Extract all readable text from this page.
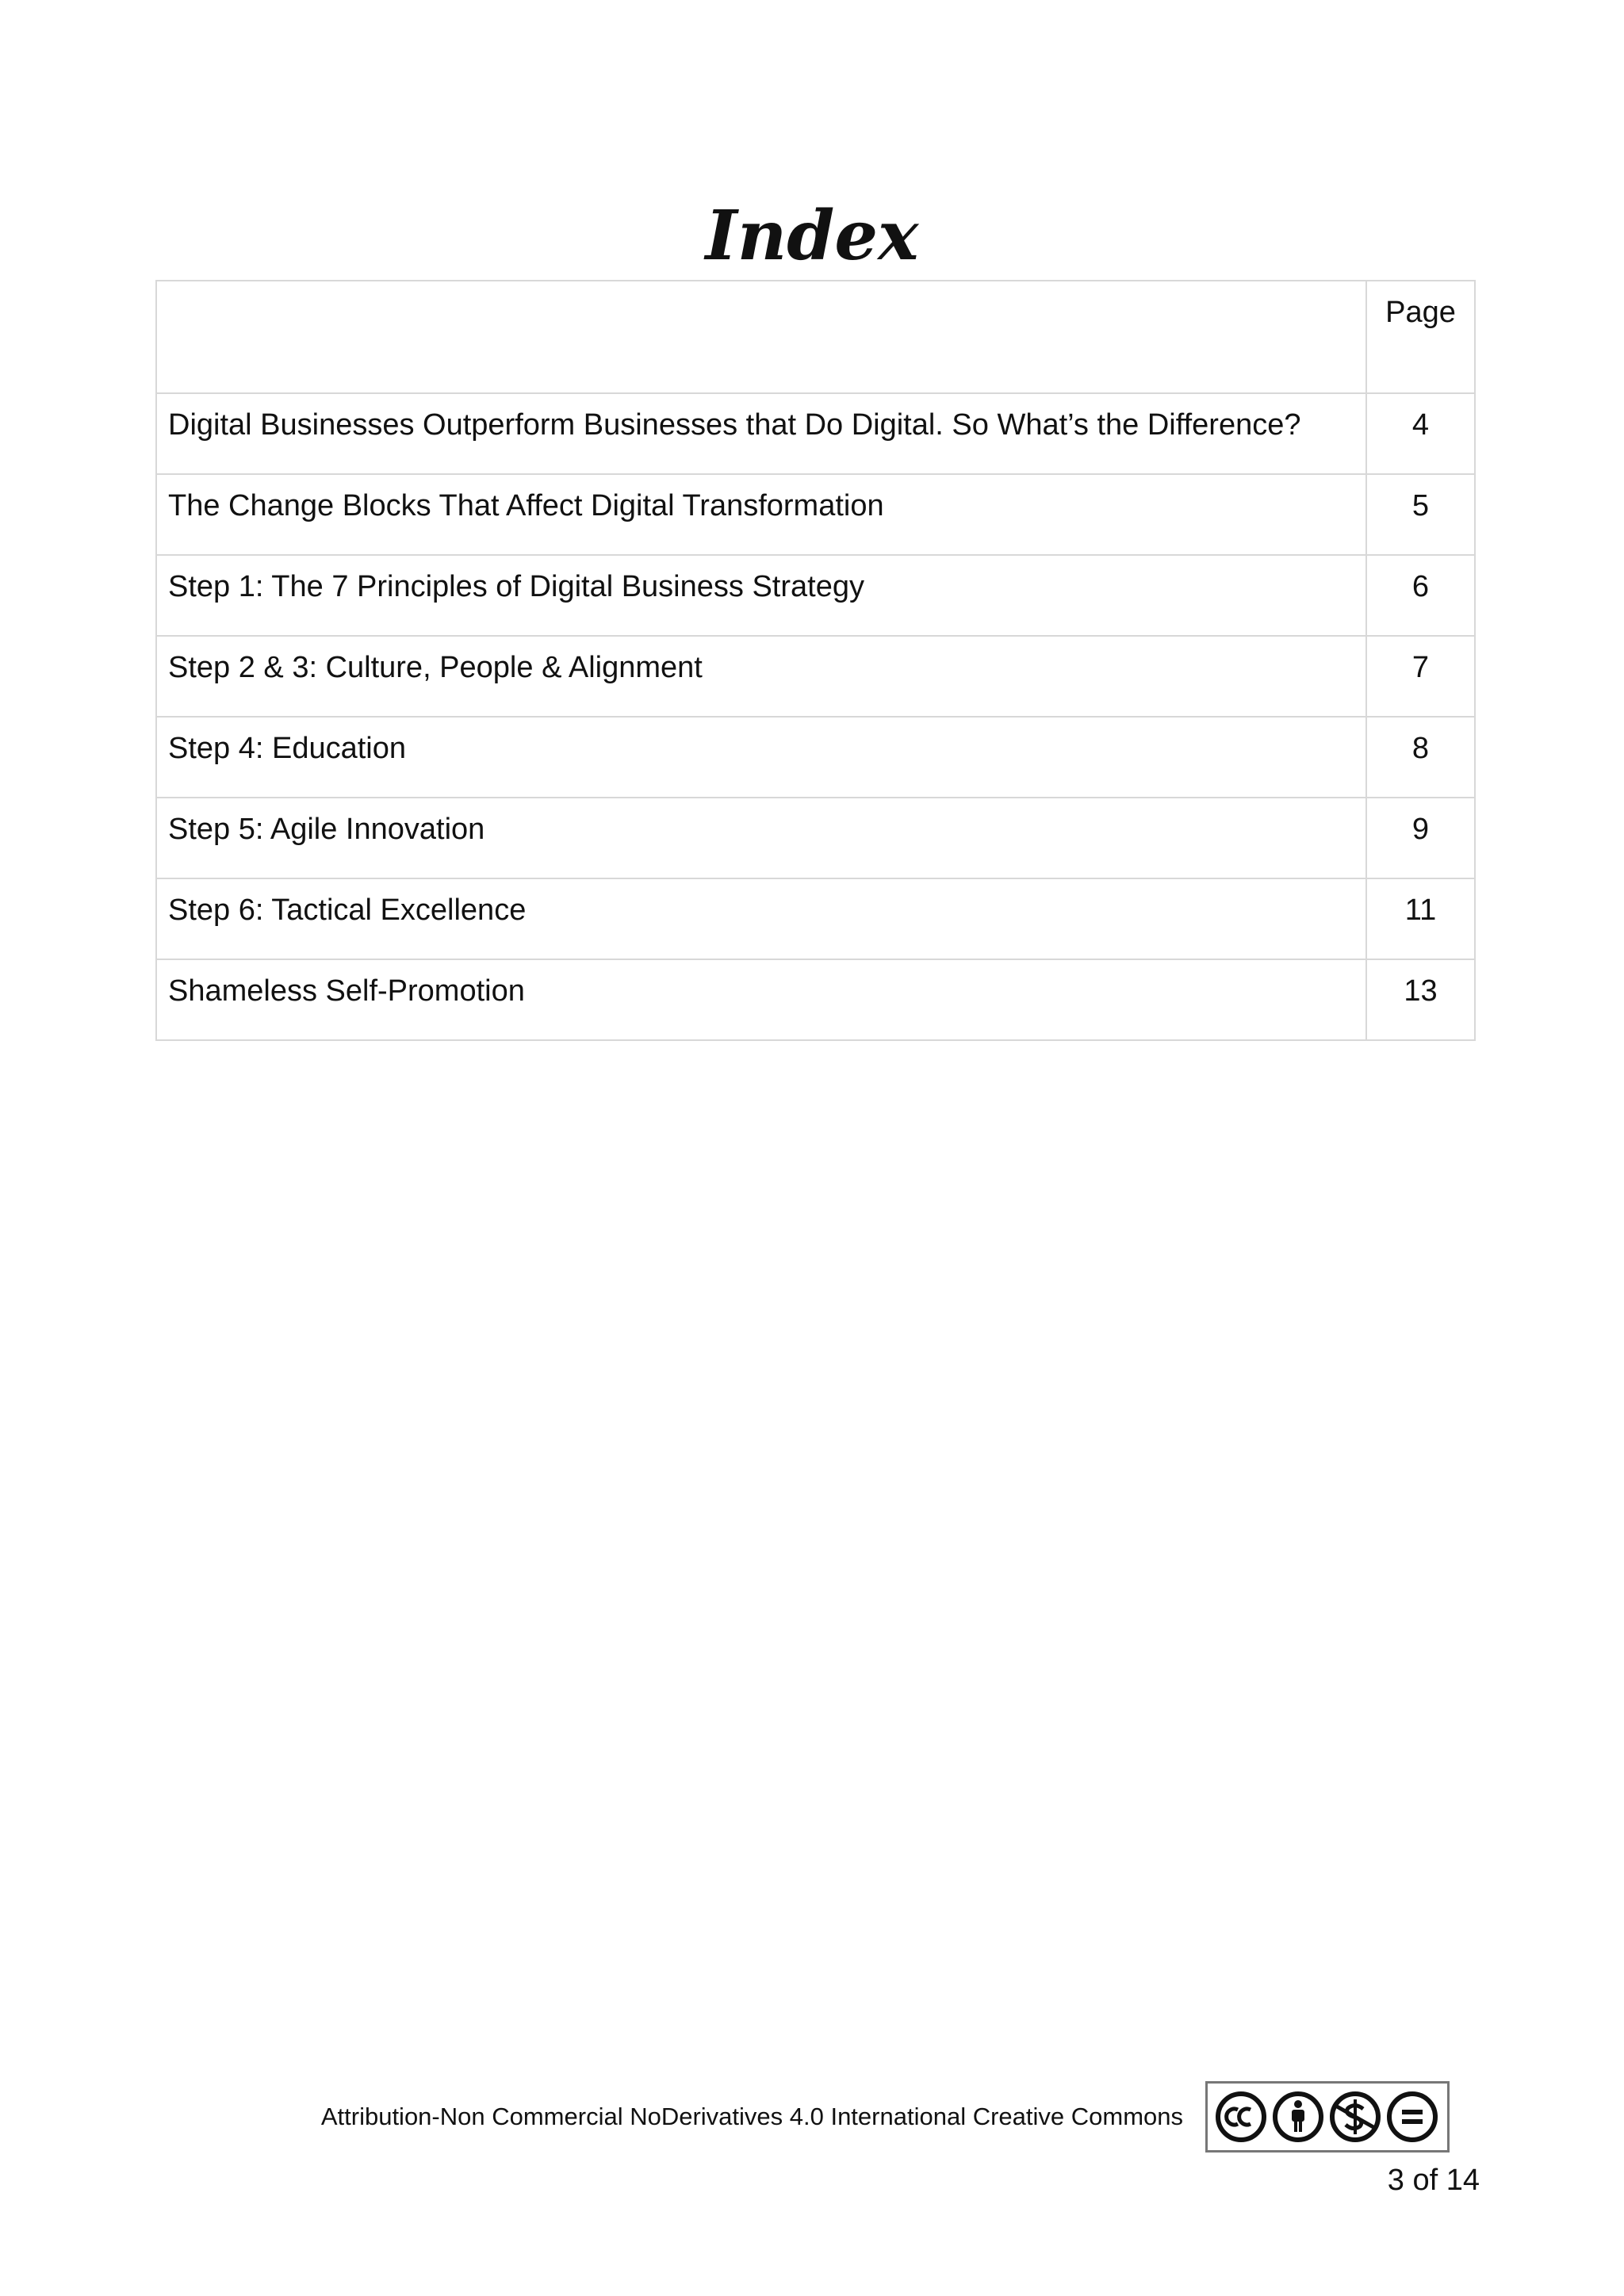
Index
	Page
Digital Businesses Outperform Businesses that Do Digital. So What’s the Difference?	4
The Change Blocks That Affect Digital Transformation	5
Step 1: The 7 Principles of Digital Business Strategy	6
Step 2 & 3: Culture, People & Alignment	7
Step 4: Education	8
Step 5: Agile Innovation	9
Step 6: Tactical Excellence	11
Shameless Self-Promotion	13
Attribution-Non Commercial NoDerivatives 4.0 International Creative Commons
3 of 14
